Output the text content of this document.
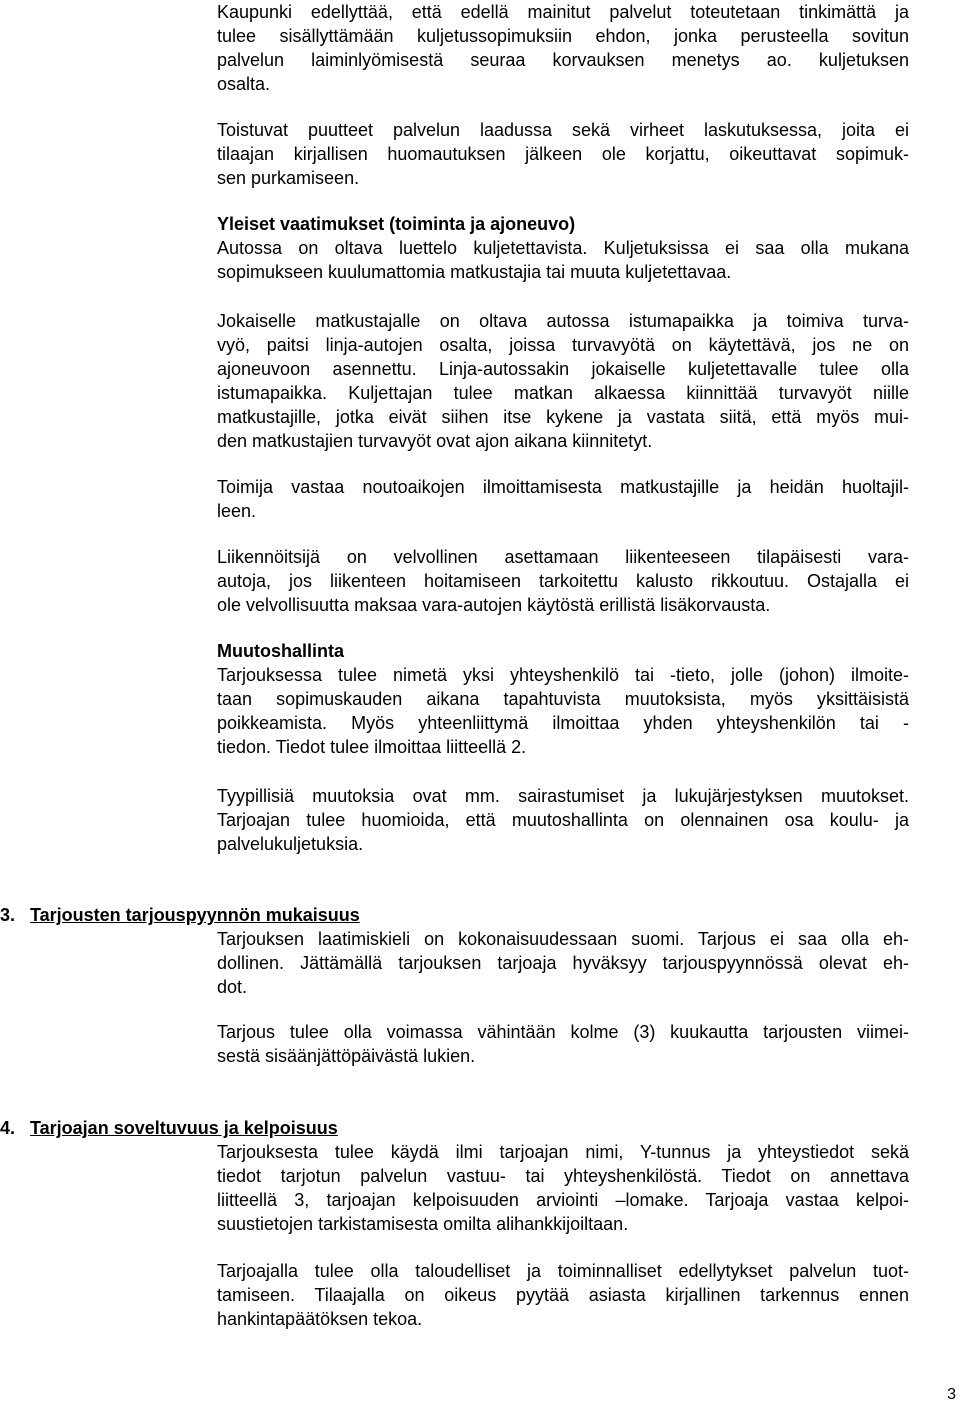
Kaupunki edellyttää, että edellä mainitut palvelut toteutetaan tinkimättä ja
tulee sisällyttämään kuljetussopimuksiin ehdon, jonka perusteella sovitun
palvelun laiminlyömisestä seuraa korvauksen menetys ao. kuljetuksen
osalta.
Toistuvat puutteet palvelun laadussa sekä virheet laskutuksessa, joita ei
tilaajan kirjallisen huomautuksen jälkeen ole korjattu, oikeuttavat sopimuk-
sen purkamiseen.
Yleiset vaatimukset (toiminta ja ajoneuvo)
Autossa on oltava luettelo kuljetettavista. Kuljetuksissa ei saa olla mukana
sopimukseen kuulumattomia matkustajia tai muuta kuljetettavaa.
Jokaiselle matkustajalle on oltava autossa istumapaikka ja toimiva turva-
vyö, paitsi linja-autojen osalta, joissa turvavyötä on käytettävä, jos ne on
ajoneuvoon asennettu. Linja-autossakin jokaiselle kuljetettavalle tulee olla
istumapaikka. Kuljettajan tulee matkan alkaessa kiinnittää turvavyöt niille
matkustajille, jotka eivät siihen itse kykene ja vastata siitä, että myös mui-
den matkustajien turvavyöt ovat ajon aikana kiinnitetyt.
Toimija vastaa noutoaikojen ilmoittamisesta matkustajille ja heidän huoltajil-
leen.
Liikennöitsijä on velvollinen asettamaan liikenteeseen tilapäisesti vara-
autoja, jos liikenteen hoitamiseen tarkoitettu kalusto rikkoutuu. Ostajalla ei
ole velvollisuutta maksaa vara-autojen käytöstä erillistä lisäkorvausta.
Muutoshallinta
Tarjouksessa tulee nimetä yksi yhteyshenkilö tai -tieto, jolle (johon) ilmoite-
taan sopimuskauden aikana tapahtuvista muutoksista, myös yksittäisistä
poikkeamista. Myös yhteenliittymä ilmoittaa yhden yhteyshenkilön tai -
tiedon. Tiedot tulee ilmoittaa liitteellä 2.
Tyypillisiä muutoksia ovat mm. sairastumiset ja lukujärjestyksen muutokset.
Tarjoajan tulee huomioida, että muutoshallinta on olennainen osa koulu- ja
palvelukuljetuksia.
3. Tarjousten tarjouspyynnön mukaisuus
Tarjouksen laatimiskieli on kokonaisuudessaan suomi. Tarjous ei saa olla eh-
dollinen. Jättämällä tarjouksen tarjoaja hyväksyy tarjouspyynnössä olevat eh-
dot.
Tarjous tulee olla voimassa vähintään kolme (3) kuukautta tarjousten viimei-
sestä sisäänjättöpäivästä lukien.
4. Tarjoajan soveltuvuus ja kelpoisuus
Tarjouksesta tulee käydä ilmi tarjoajan nimi, Y-tunnus ja yhteystiedot sekä
tiedot tarjotun palvelun vastuu- tai yhteyshenkilöstä. Tiedot on annettava
liitteellä 3, tarjoajan kelpoisuuden arviointi –lomake. Tarjoaja vastaa kelpoi-
suustietojen tarkistamisesta omilta alihankkijoiltaan.
Tarjoajalla tulee olla taloudelliset ja toiminnalliset edellytykset palvelun tuot-
tamiseen. Tilaajalla on oikeus pyytää asiasta kirjallinen tarkennus ennen
hankintapäätöksen tekoa.
3
